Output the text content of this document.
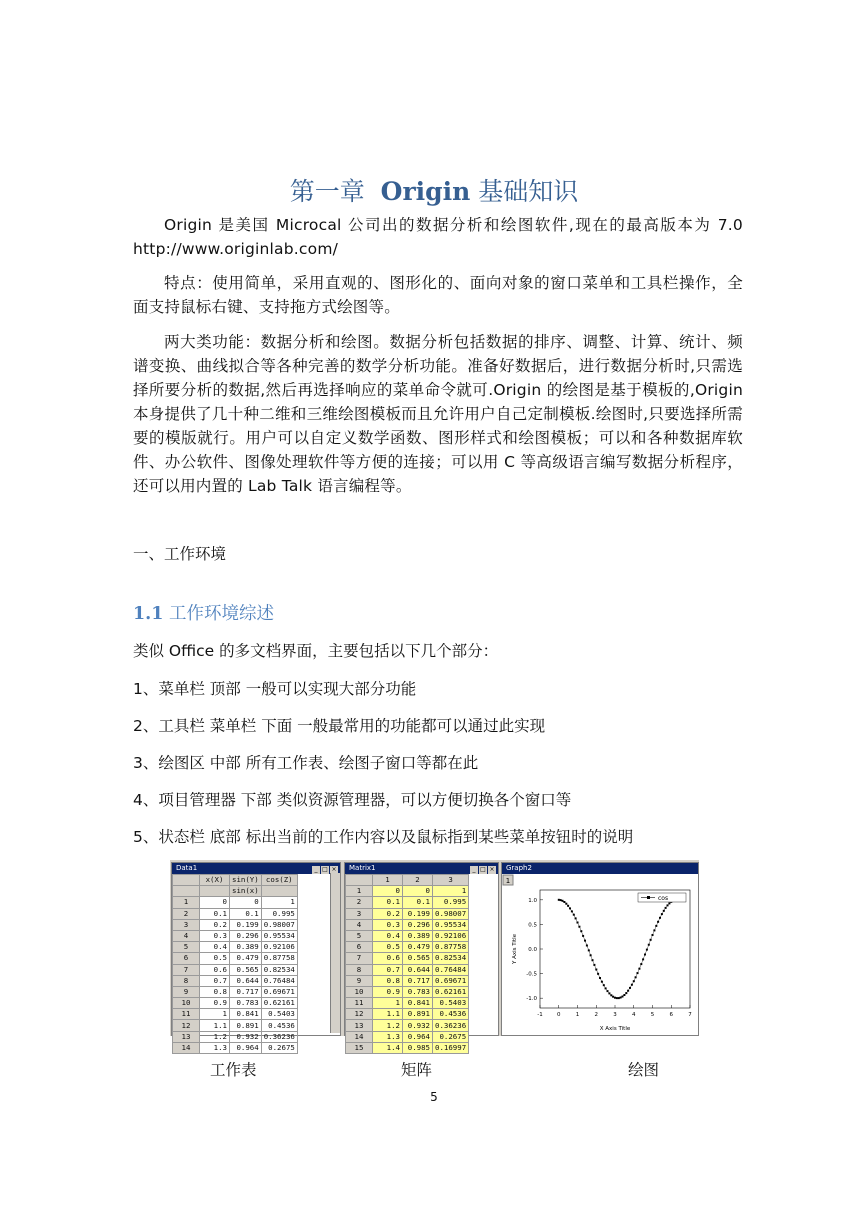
第一章 Origin 基础知识

Origin 是美国 Microcal 公司出的数据分析和绘图软件,现在的最高版本为 7.0 http://www.originlab.com/

特点：使用简单，采用直观的、图形化的、面向对象的窗口菜单和工具栏操作，全面支持鼠标右键、支持拖方式绘图等。

两大类功能：数据分析和绘图。数据分析包括数据的排序、调整、计算、统计、频谱变换、曲线拟合等各种完善的数学分析功能。准备好数据后，进行数据分析时,只需选择所要分析的数据,然后再选择响应的菜单命令就可.Origin 的绘图是基于模板的,Origin 本身提供了几十种二维和三维绘图模板而且允许用户自己定制模板.绘图时,只要选择所需要的模版就行。用户可以自定义数学函数、图形样式和绘图模板；可以和各种数据库软件、办公软件、图像处理软件等方便的连接；可以用 C 等高级语言编写数据分析程序，还可以用内置的 Lab Talk 语言编程等。

一、工作环境
1.1 工作环境综述
类似 Office 的多文档界面，主要包括以下几个部分：
1、菜单栏 顶部 一般可以实现大部分功能
2、工具栏 菜单栏 下面 一般最常用的功能都可以通过此实现
3、绘图区 中部 所有工作表、绘图子窗口等都在此
4、项目管理器 下部 类似资源管理器，可以方便切换各个窗口等
5、状态栏 底部 标出当前的工作内容以及鼠标指到某些菜单按钮时的说明
Data1	_ □ ×
	x(X)	sin(Y)	cos(Z)
		sin(x)	
1	0	0	1
2	0.1	0.1	0.995
3	0.2	0.199	0.98007
4	0.3	0.296	0.95534
5	0.4	0.389	0.92106
6	0.5	0.479	0.87758
7	0.6	0.565	0.82534
8	0.7	0.644	0.76484
9	0.8	0.717	0.69671
10	0.9	0.783	0.62161
11	1	0.841	0.5403
12	1.1	0.891	0.4536
13	1.2	0.932	0.36236
14	1.3	0.964	0.2675
Matrix1	_ □ ×
	1	2	3
1	0	0	1
2	0.1	0.1	0.995
3	0.2	0.199	0.98007
4	0.3	0.296	0.95534
5	0.4	0.389	0.92106
6	0.5	0.479	0.87758
7	0.6	0.565	0.82534
8	0.7	0.644	0.76484
9	0.8	0.717	0.69671
10	0.9	0.783	0.62161
11	1	0.841	0.5403
12	1.1	0.891	0.4536
13	1.2	0.932	0.36236
14	1.3	0.964	0.2675
15	1.4	0.985	0.16997
Graph2
1
1.0
0.5
0.0
-0.5
-1.0
-1	0	1	2	3	4	5	6	7
cos
X Axis Title
Y Axis Title
工作表	矩阵	绘图
5
